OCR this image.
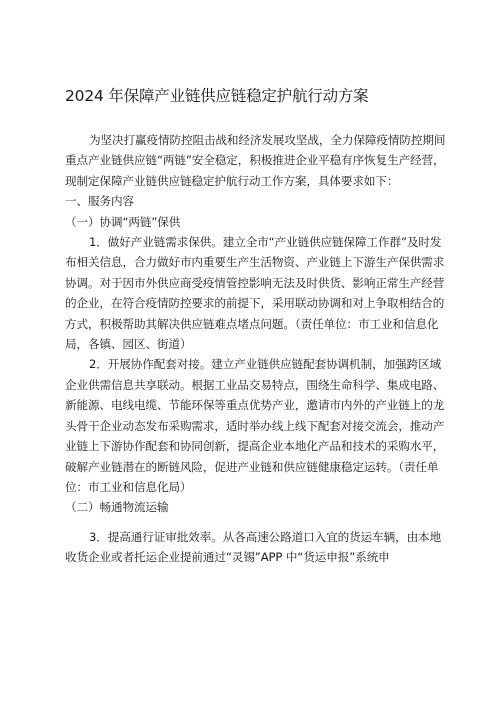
2024 年保障产业链供应链稳定护航行动方案

为坚决打赢疫情防控阻击战和经济发展攻坚战，全力保障疫情防控期间重点产业链供应链“两链”安全稳定，积极推进企业平稳有序恢复生产经营，现制定保障产业链供应链稳定护航行动工作方案，具体要求如下：

一、服务内容

（一）协调“两链”保供

1．做好产业链需求保供。建立全市“产业链供应链保障工作群”及时发布相关信息，合力做好市内重要生产生活物资、产业链上下游生产保供需求协调。对于因市外供应商受疫情管控影响无法及时供货、影响正常生产经营的企业，在符合疫情防控要求的前提下，采用联动协调和对上争取相结合的方式，积极帮助其解决供应链难点堵点问题。（责任单位：市工业和信息化局，各镇、园区、街道）

2．开展协作配套对接。建立产业链供应链配套协调机制，加强跨区域企业供需信息共享联动。根据工业品交易特点，围绕生命科学、集成电路、新能源、电线电缆、节能环保等重点优势产业，邀请市内外的产业链上的龙头骨干企业动态发布采购需求，适时举办线上线下配套对接交流会，推动产业链上下游协作配套和协同创新，提高企业本地化产品和技术的采购水平，破解产业链潜在的断链风险，促进产业链和供应链健康稳定运转。（责任单位：市工业和信息化局）

（二）畅通物流运输

3．提高通行证审批效率。从各高速公路道口入宜的货运车辆，由本地收货企业或者托运企业提前通过“灵锡”APP 中“货运申报”系统申
